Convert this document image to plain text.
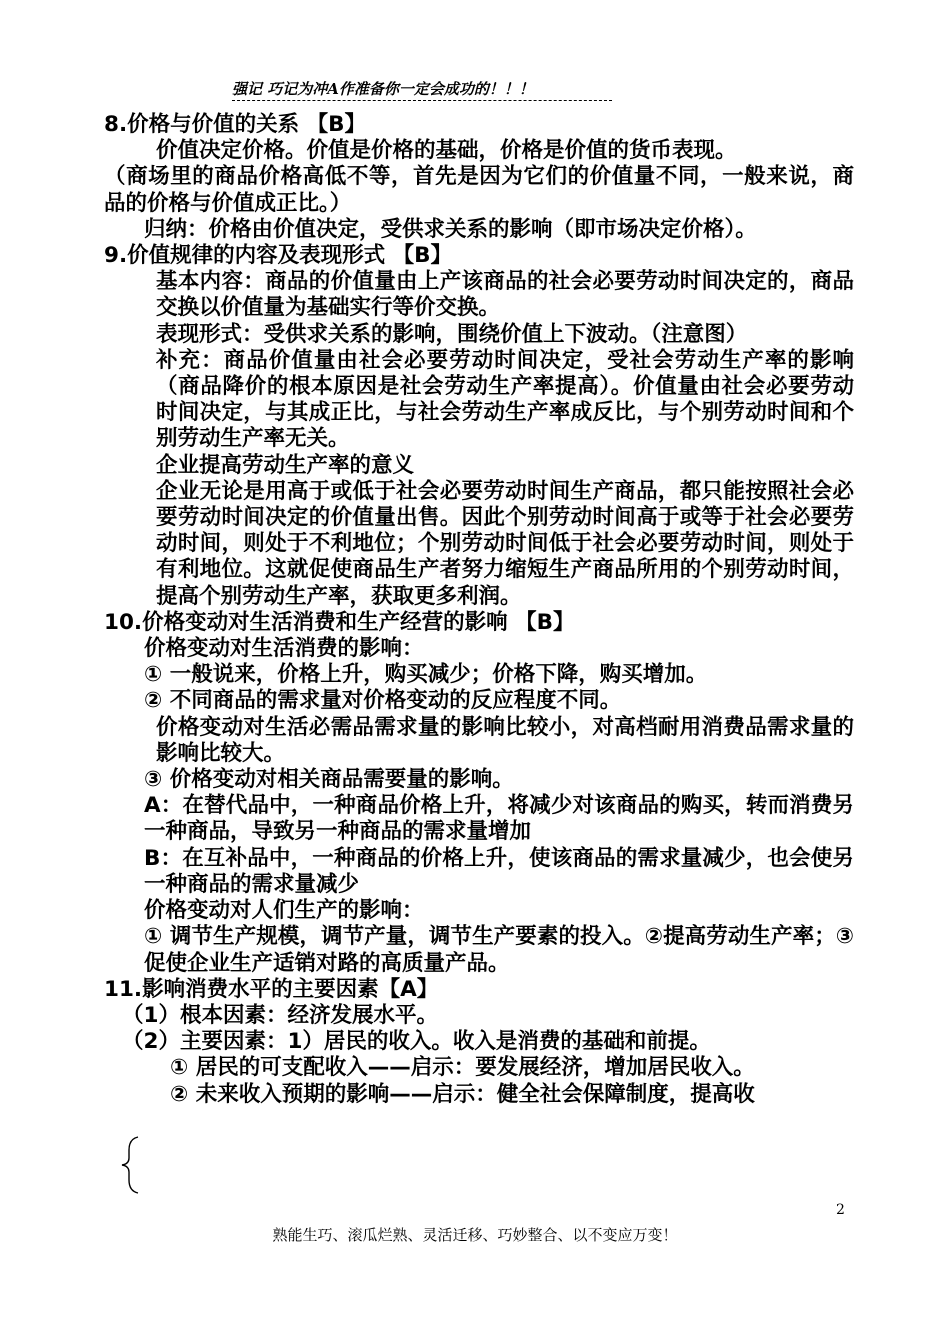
强记 巧记为冲A作准备你一定会成功的！！！

8.价格与价值的关系 【B】

价值决定价格。价值是价格的基础，价格是价值的货币表现。

（商场里的商品价格高低不等，首先是因为它们的价值量不同，一般来说，商品的价格与价值成正比。）

归纳：价格由价值决定，受供求关系的影响（即市场决定价格）。

9.价值规律的内容及表现形式 【B】

基本内容：商品的价值量由上产该商品的社会必要劳动时间决定的，商品交换以价值量为基础实行等价交换。

表现形式：受供求关系的影响，围绕价值上下波动。（注意图）

补充：商品价值量由社会必要劳动时间决定，受社会劳动生产率的影响（商品降价的根本原因是社会劳动生产率提高）。价值量由社会必要劳动时间决定，与其成正比，与社会劳动生产率成反比，与个别劳动时间和个别劳动生产率无关。

企业提高劳动生产率的意义

企业无论是用高于或低于社会必要劳动时间生产商品，都只能按照社会必要劳动时间决定的价值量出售。因此个别劳动时间高于或等于社会必要劳动时间，则处于不利地位；个别劳动时间低于社会必要劳动时间，则处于有利地位。这就促使商品生产者努力缩短生产商品所用的个别劳动时间，提高个别劳动生产率，获取更多利润。

10.价格变动对生活消费和生产经营的影响 【B】

价格变动对生活消费的影响：

① 一般说来，价格上升，购买减少；价格下降，购买增加。

② 不同商品的需求量对价格变动的反应程度不同。

价格变动对生活必需品需求量的影响比较小，对高档耐用消费品需求量的影响比较大。

③ 价格变动对相关商品需要量的影响。

A：在替代品中，一种商品价格上升，将减少对该商品的购买，转而消费另一种商品，导致另一种商品的需求量增加

B：在互补品中，一种商品的价格上升，使该商品的需求量减少，也会使另一种商品的需求量减少

价格变动对人们生产的影响：

① 调节生产规模，调节产量，调节生产要素的投入。②提高劳动生产率；③促使企业生产适销对路的高质量产品。

11.影响消费水平的主要因素【A】

（1）根本因素：经济发展水平。

（2）主要因素：1）居民的收入。收入是消费的基础和前提。

① 居民的可支配收入——启示：要发展经济，增加居民收入。

② 未来收入预期的影响——启示：健全社会保障制度，提高收

2
熟能生巧、滚瓜烂熟、灵活迁移、巧妙整合、以不变应万变！
